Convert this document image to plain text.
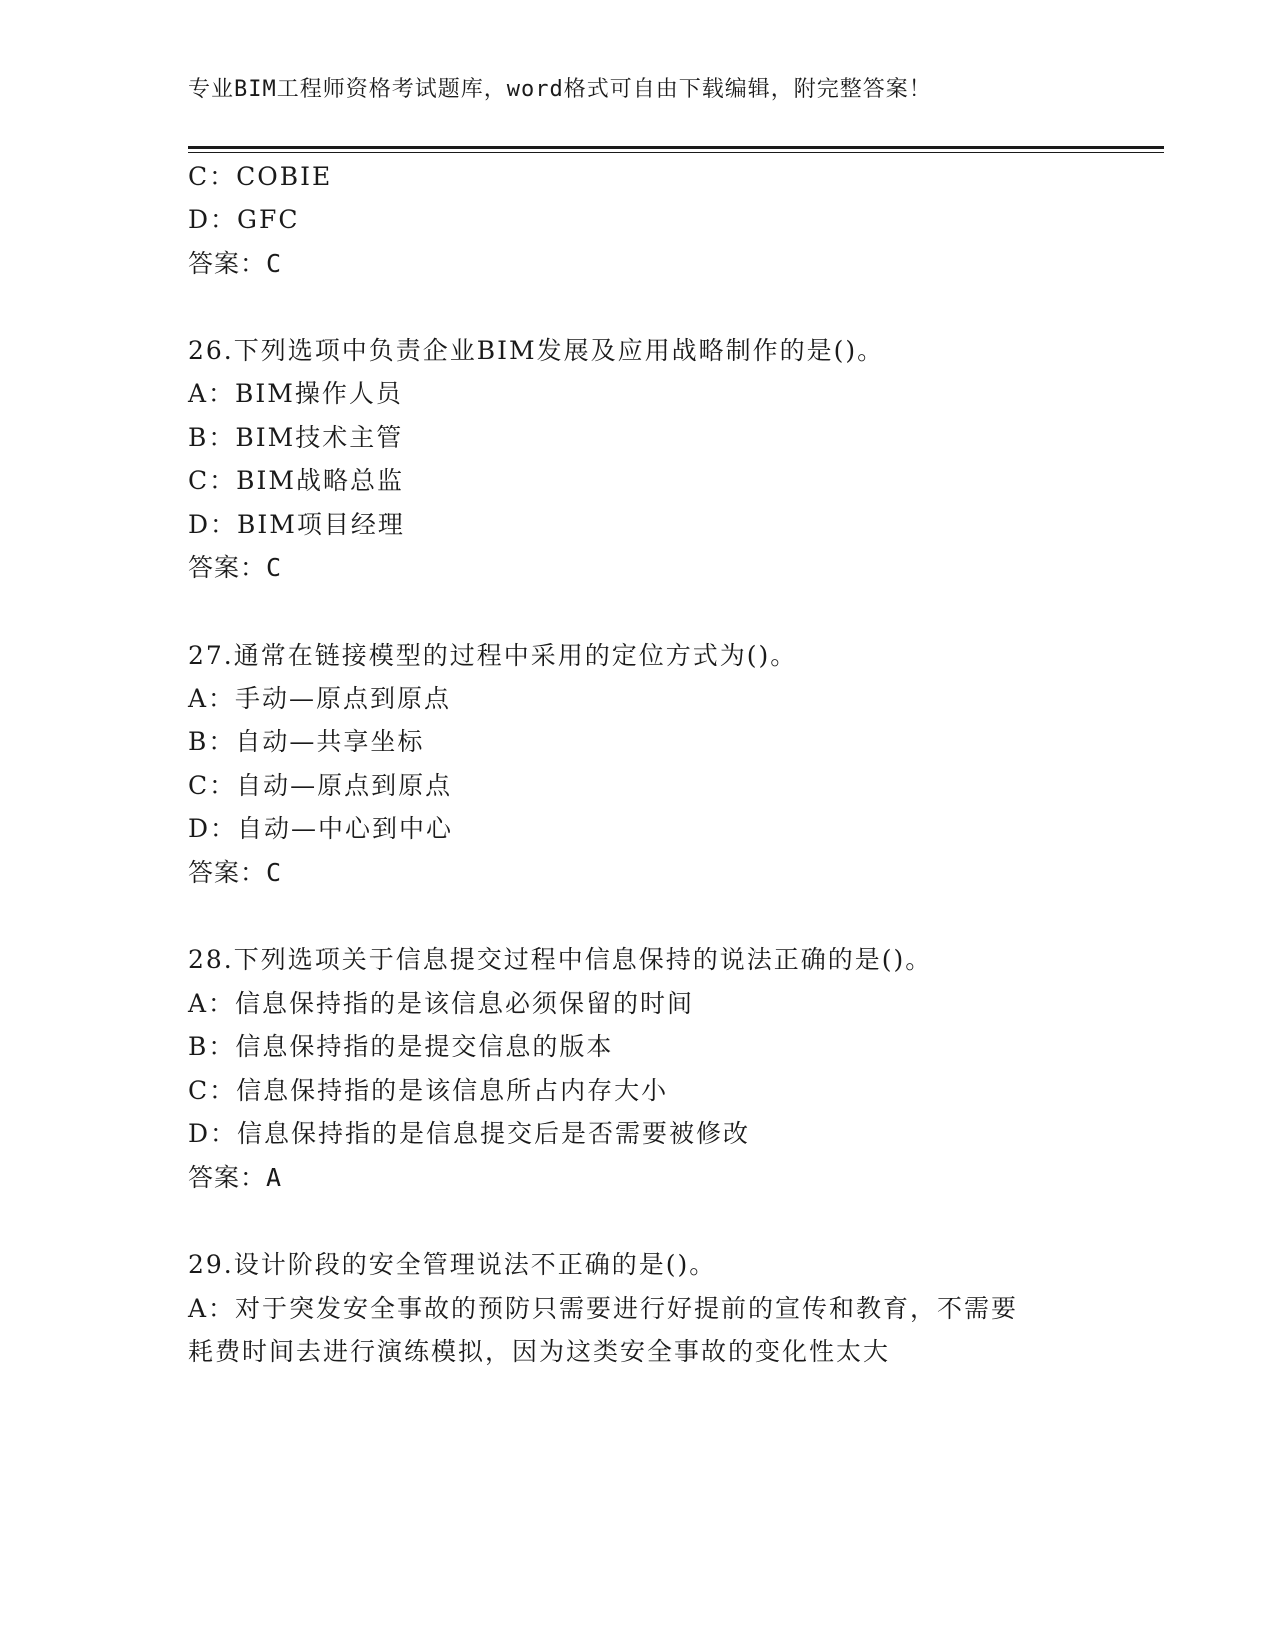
专业BIM工程师资格考试题库，word格式可自由下载编辑，附完整答案！
C：COBIE
D：GFC
答案：C
26.下列选项中负责企业BIM发展及应用战略制作的是()。
A：BIM操作人员
B：BIM技术主管
C：BIM战略总监
D：BIM项目经理
答案：C
27.通常在链接模型的过程中采用的定位方式为()。
A：手动—原点到原点
B：自动—共享坐标
C：自动—原点到原点
D：自动—中心到中心
答案：C
28.下列选项关于信息提交过程中信息保持的说法正确的是()。
A：信息保持指的是该信息必须保留的时间
B：信息保持指的是提交信息的版本
C：信息保持指的是该信息所占内存大小
D：信息保持指的是信息提交后是否需要被修改
答案：A
29.设计阶段的安全管理说法不正确的是()。
A：对于突发安全事故的预防只需要进行好提前的宣传和教育，不需要
耗费时间去进行演练模拟，因为这类安全事故的变化性太大
